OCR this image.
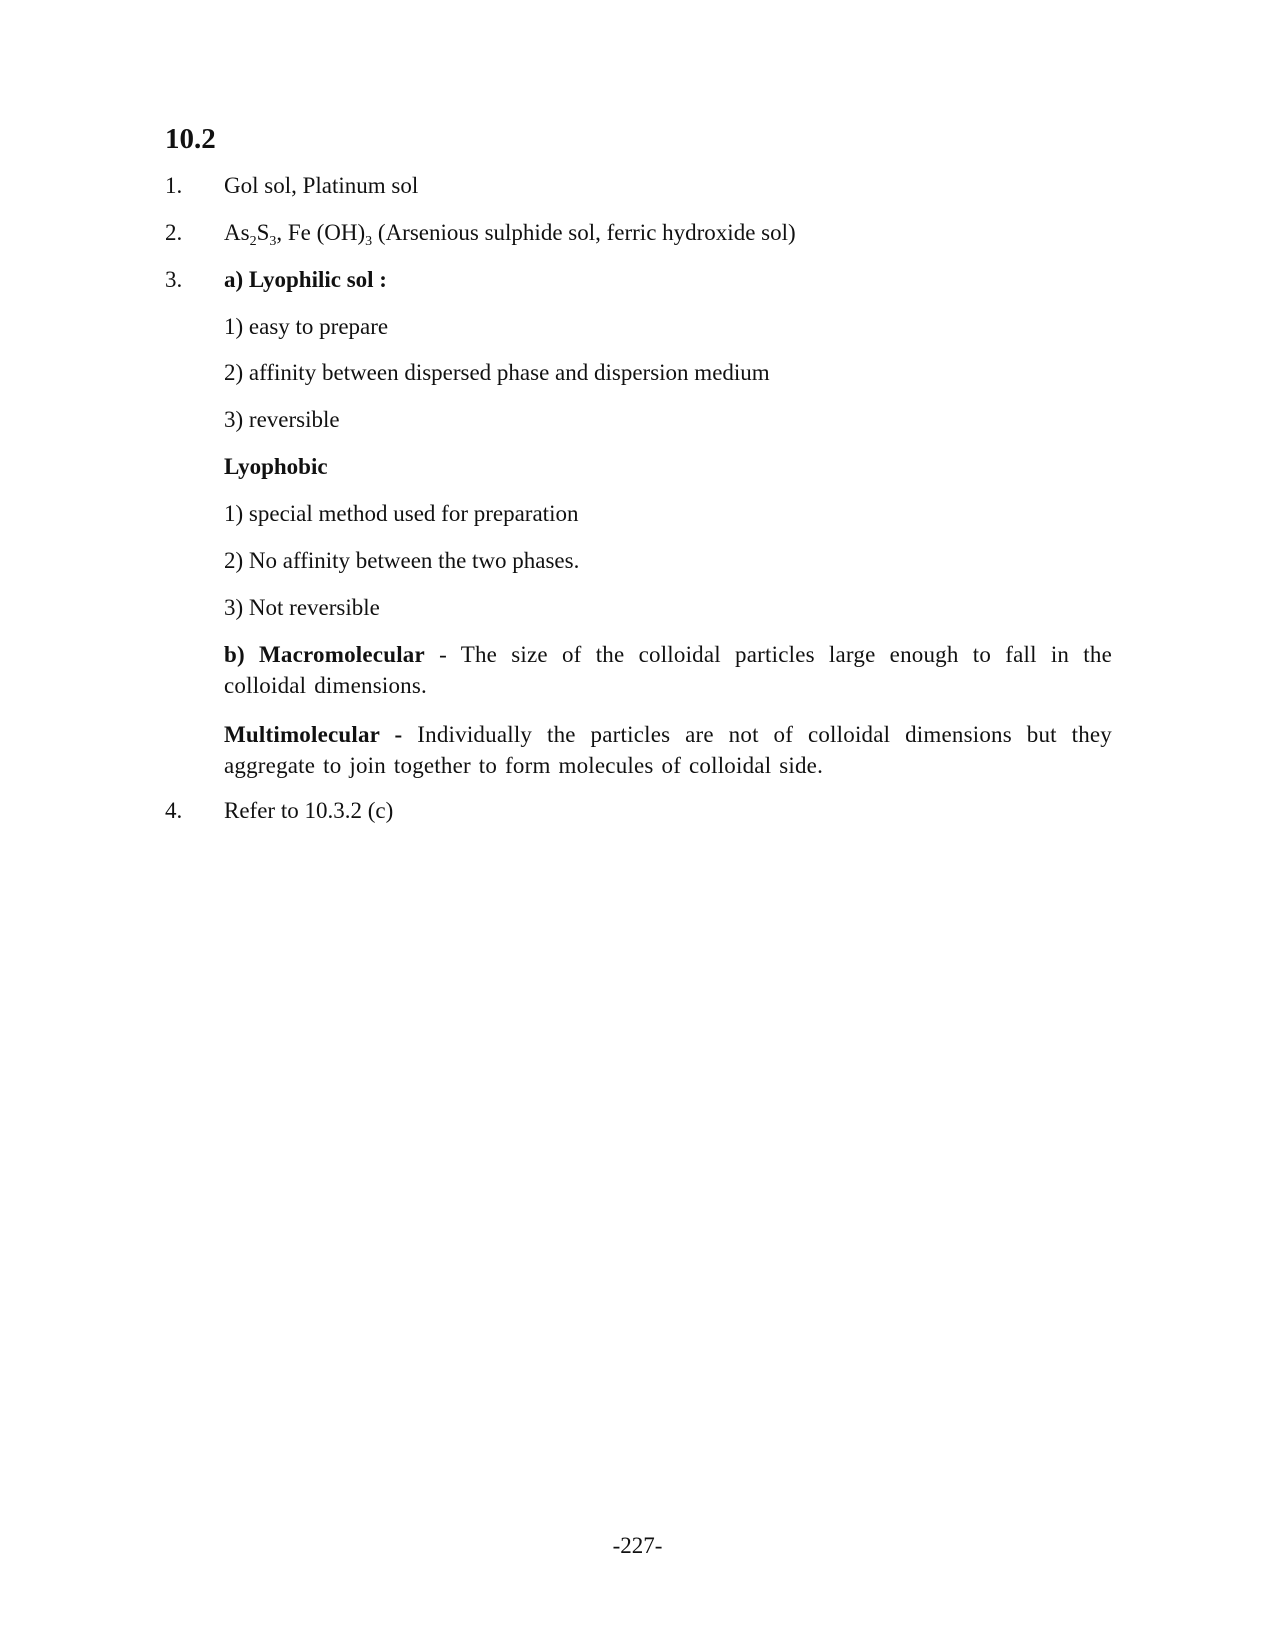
10.2
1. Gol sol, Platinum sol
2. $As_2S_3$, Fe $(OH)_3$ (Arsenious sulphide sol, ferric hydroxide sol)
3. a) Lyophilic sol :
1) easy to prepare
2) affinity between dispersed phase and dispersion medium
3) reversible
Lyophobic
1) special method used for preparation
2) No affinity between the two phases.
3) Not reversible
b) Macromolecular - The size of the colloidal particles large enough to fall in the colloidal dimensions.
Multimolecular - Individually the particles are not of colloidal dimensions but they aggregate to join together to form molecules of colloidal side.
4. Refer to 10.3.2 (c)
-227-
